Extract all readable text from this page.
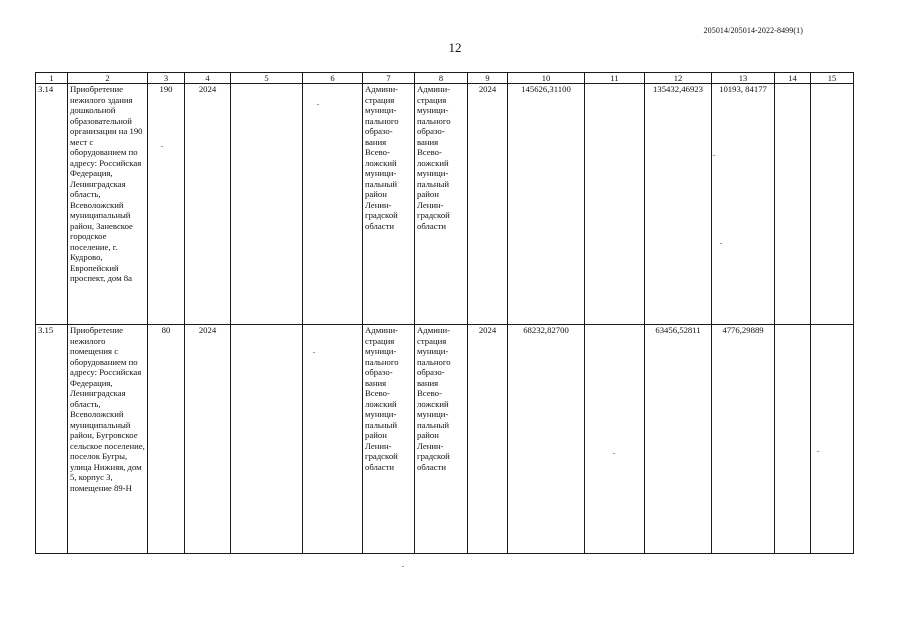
205014/205014-2022-8499(1)
12
1	2	3	4	5	6	7	8	9	10	11	12	13	14	15
3.14	Приобретение нежилого здания дошкольной образовательной организации на 190 мест с оборудованием по адресу: Российская Федерация, Ленинградская область, Всеволожский муниципальный район, Заневское городское поселение, г. Кудрово, Европейский проспект, дом 8а	190	2024			Админи- страция муници- пального образо- вания Всево- ложский муници- пальный район Ленин- градской области	Админи- страция муници- пального образо- вания Всево- ложский муници- пальный район Ленин- градской области	2024	145626,31100		135432,46923	10193, 84177		
3.15	Приобретение нежилого помещения с оборудованием по адресу: Российская Федерация, Ленинградская область, Всеволожский муниципальный район, Бугровское сельское поселение, поселок Бугры, улица Нижняя, дом 5, корпус 3, помещение 89-Н	80	2024			Админи- страция муници- пального образо- вания Всево- ложский муници- пальный район Ленин- градской области	Админи- страция муници- пального образо- вания Всево- ложский муници- пальный район Ленин- градской области	2024	68232,82700		63456,52811	4776,29889		
